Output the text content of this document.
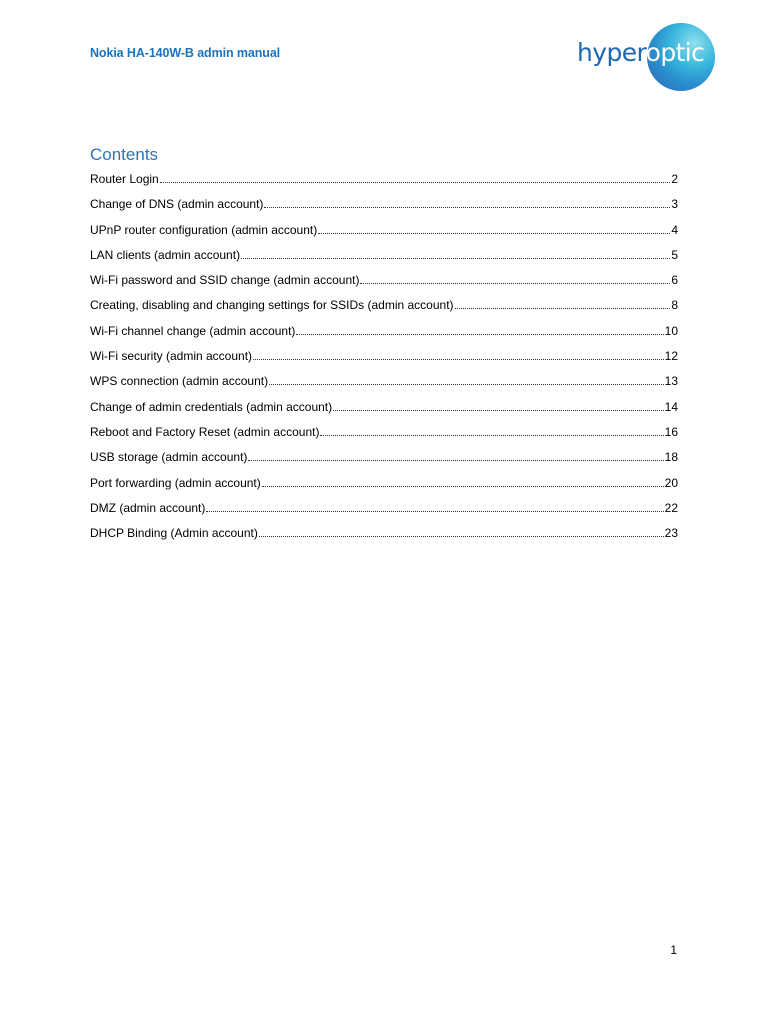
Nokia HA-140W-B admin manual	hyperoptic
Contents
Router Login	2
Change of DNS (admin account)	3
UPnP router configuration (admin account)	4
LAN clients (admin account)	5
Wi-Fi password and SSID change (admin account)	6
Creating, disabling and changing settings for SSIDs (admin account)	8
Wi-Fi channel change (admin account)	10
Wi-Fi security (admin account)	12
WPS connection (admin account)	13
Change of admin credentials (admin account)	14
Reboot and Factory Reset (admin account)	16
USB storage (admin account)	18
Port forwarding (admin account)	20
DMZ (admin account)	22
DHCP Binding (Admin account)	23
1
